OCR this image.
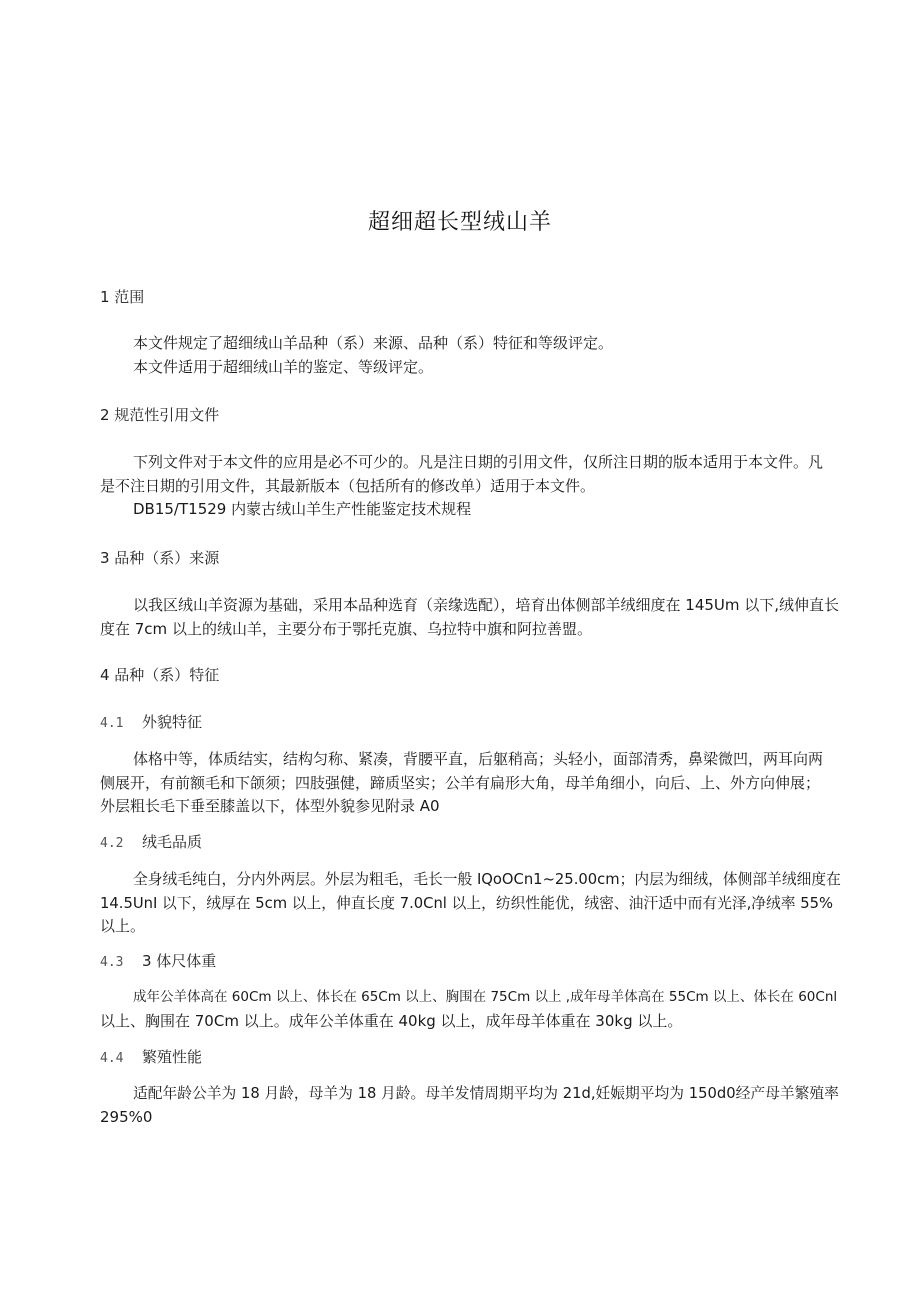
超细超长型绒山羊
1 范围
本文件规定了超细绒山羊品种（系）来源、品种（系）特征和等级评定。
本文件适用于超细绒山羊的鉴定、等级评定。
2 规范性引用文件
下列文件对于本文件的应用是必不可少的。凡是注日期的引用文件，仅所注日期的版本适用于本文件。凡
是不注日期的引用文件，其最新版本（包括所有的修改单）适用于本文件。
DB15/T1529 内蒙古绒山羊生产性能鉴定技术规程
3 品种（系）来源
以我区绒山羊资源为基础，采用本品种选育（亲缘选配），培育出体侧部羊绒细度在 145Um 以下,绒伸直长
度在 7cm 以上的绒山羊，主要分布于鄂托克旗、乌拉特中旗和阿拉善盟。
4 品种（系）特征
4.1 外貌特征
体格中等，体质结实，结构匀称、紧凑，背腰平直，后躯稍高；头轻小，面部清秀，鼻梁微凹，两耳向两
侧展开，有前额毛和下颌须；四肢强健，蹄质坚实；公羊有扁形大角，母羊角细小，向后、上、外方向伸展；
外层粗长毛下垂至膝盖以下，体型外貌参见附录 A0
4.2 绒毛品质
全身绒毛纯白，分内外两层。外层为粗毛，毛长一般 IQoOCn1~25.00cm；内层为细绒，体侧部羊绒细度在
14.5UnI 以下，绒厚在 5cm 以上，伸直长度 7.0Cnl 以上，纺织性能优，绒密、油汗适中而有光泽,净绒率 55%
以上。
4.3 3 体尺体重
成年公羊体高在 60Cm 以上、体长在 65Cm 以上、胸围在 75Cm 以上 ,成年母羊体高在 55Cm 以上、体长在 60Cnl
以上、胸围在 70Cm 以上。成年公羊体重在 40kg 以上，成年母羊体重在 30kg 以上。
4.4 繁殖性能
适配年龄公羊为 18 月龄，母羊为 18 月龄。母羊发情周期平均为 21d,妊娠期平均为 150d0经产母羊繁殖率
295%0
